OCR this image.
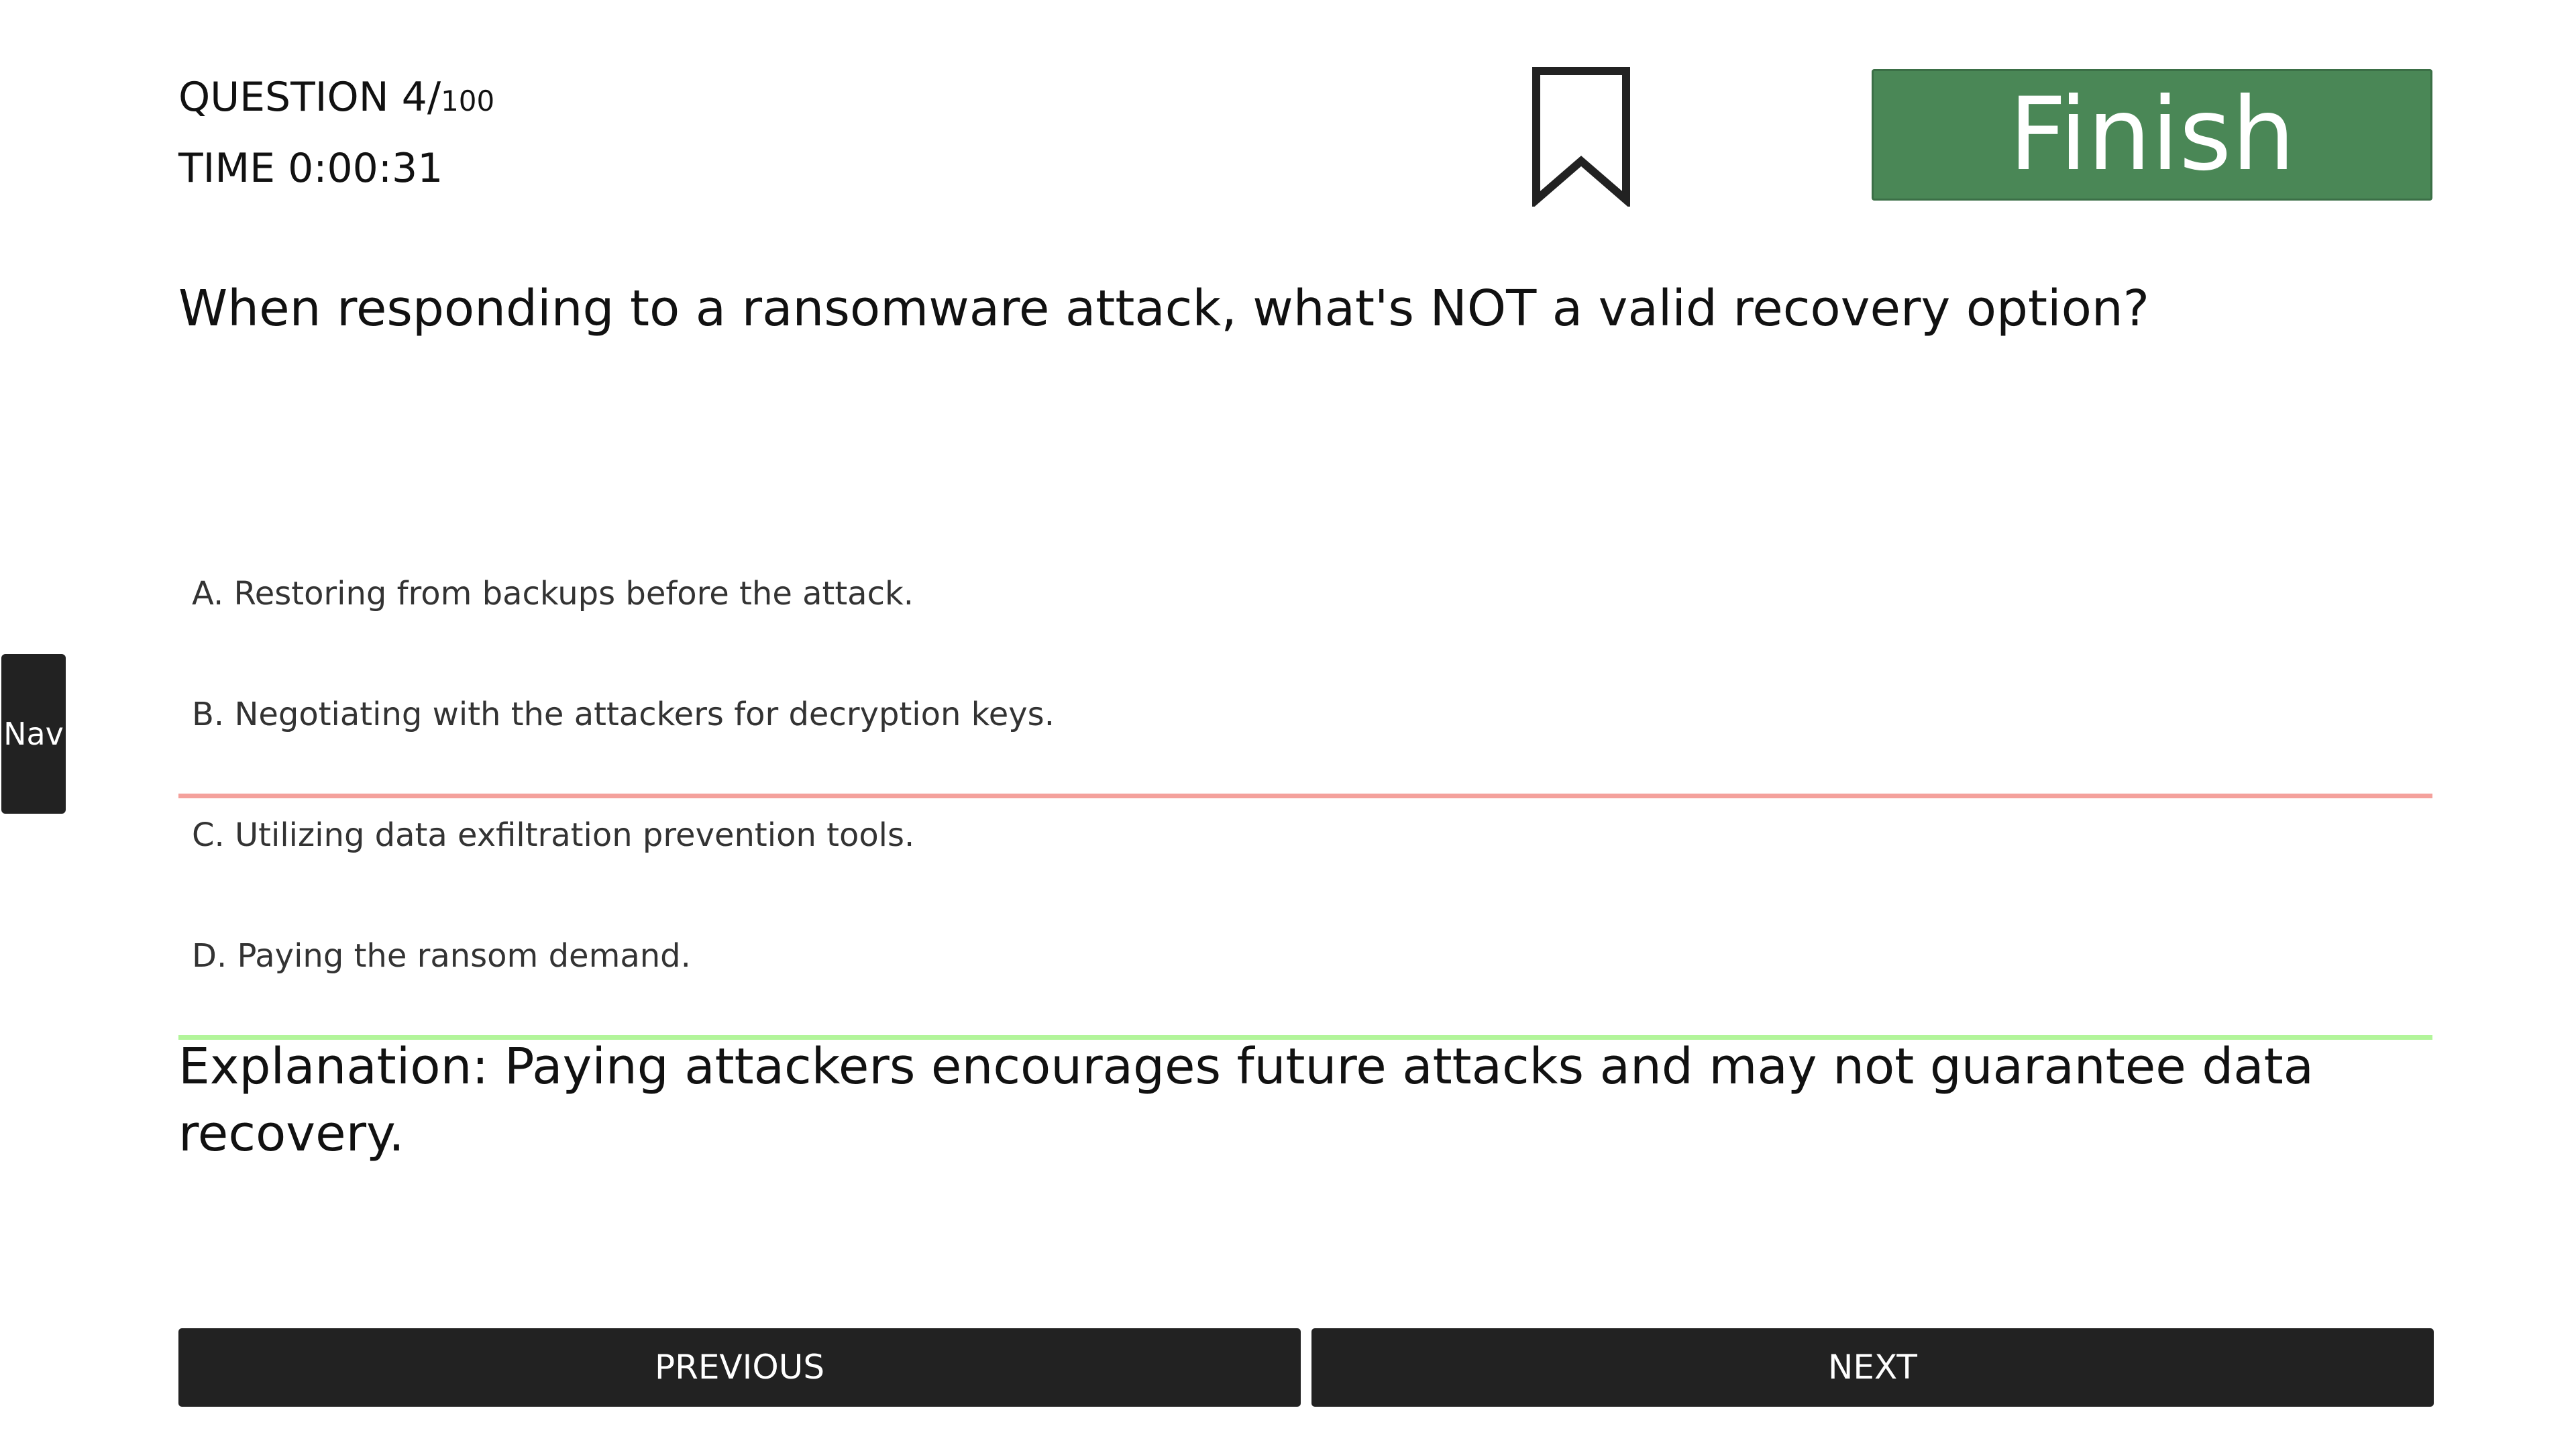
QUESTION 4/100
TIME 0:00:31	Finish
When responding to a ransomware attack, what's NOT a valid recovery option?
A. Restoring from backups before the attack.
B. Negotiating with the attackers for decryption keys.
C. Utilizing data exfiltration prevention tools.
D. Paying the ransom demand.
Explanation: Paying attackers encourages future attacks and may not guarantee data recovery.
Nav
PREVIOUS	NEXT
